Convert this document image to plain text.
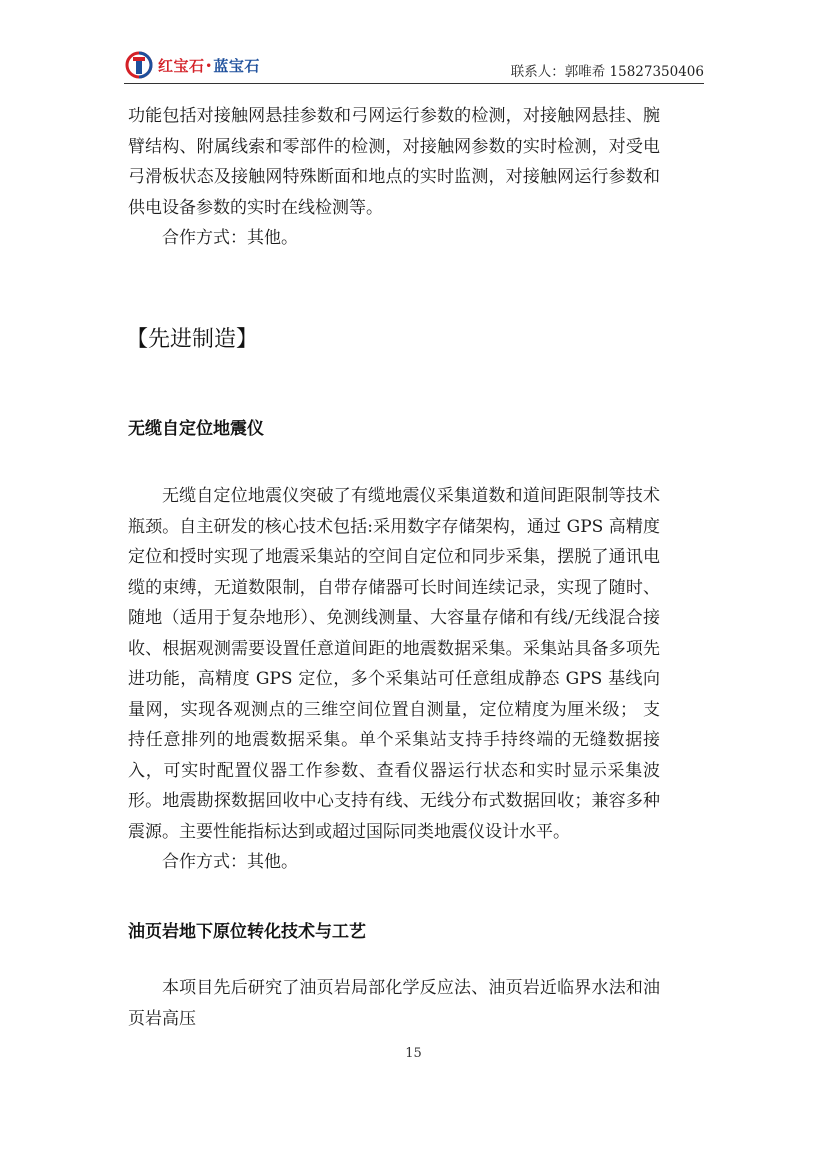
红宝石•蓝宝石	联系人：郭唯希 15827350406

功能包括对接触网悬挂参数和弓网运行参数的检测，对接触网悬挂、腕臂结构、附属线索和零部件的检测，对接触网参数的实时检测，对受电弓滑板状态及接触网特殊断面和地点的实时监测，对接触网运行参数和供电设备参数的实时在线检测等。

合作方式：其他。

【先进制造】
无缆自定位地震仪

无缆自定位地震仪突破了有缆地震仪采集道数和道间距限制等技术瓶颈。自主研发的核心技术包括:采用数字存储架构，通过 GPS 高精度定位和授时实现了地震采集站的空间自定位和同步采集，摆脱了通讯电缆的束缚，无道数限制，自带存储器可长时间连续记录，实现了随时、随地（适用于复杂地形）、免测线测量、大容量存储和有线/无线混合接收、根据观测需要设置任意道间距的地震数据采集。采集站具备多项先进功能，高精度 GPS 定位，多个采集站可任意组成静态 GPS 基线向量网，实现各观测点的三维空间位置自测量，定位精度为厘米级； 支持任意排列的地震数据采集。单个采集站支持手持终端的无缝数据接入，可实时配置仪器工作参数、查看仪器运行状态和实时显示采集波形。地震勘探数据回收中心支持有线、无线分布式数据回收；兼容多种震源。主要性能指标达到或超过国际同类地震仪设计水平。

合作方式：其他。

油页岩地下原位转化技术与工艺

本项目先后研究了油页岩局部化学反应法、油页岩近临界水法和油页岩高压

15
